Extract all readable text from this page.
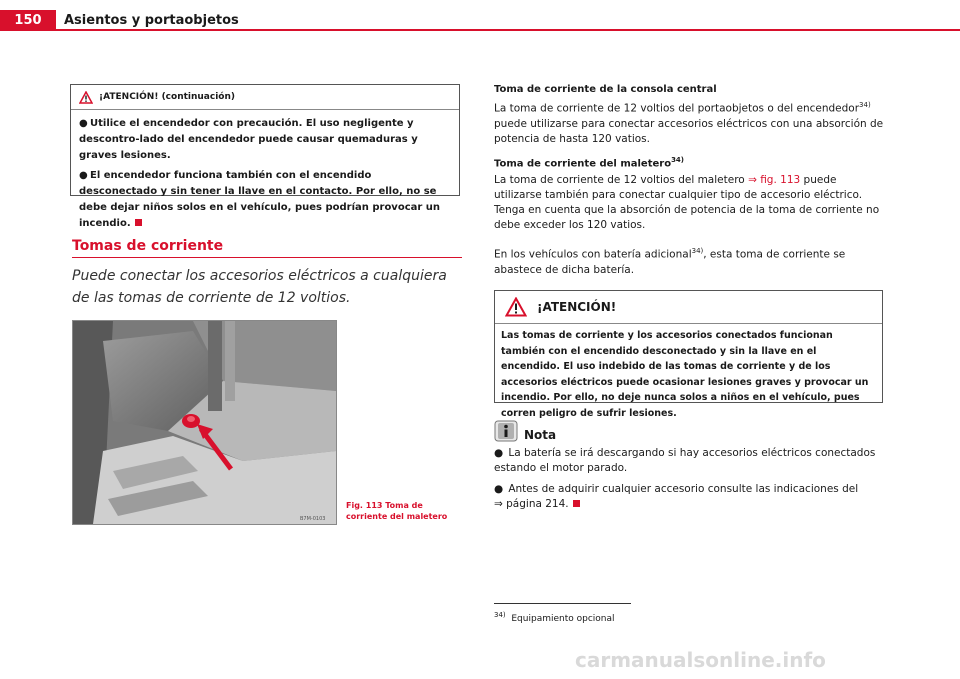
150	Asientos y portaobjetos
¡ATENCIÓN! (continuación)

● Utilice el encendedor con precaución. El uso negligente y descontro-lado del encendedor puede causar quemaduras y graves lesiones.

● El encendedor funciona también con el encendido desconectado y sin tener la llave en el contacto. Por ello, no se debe dejar niños solos en el vehículo, pues podrían provocar un incendio.

Tomas de corriente
Puede conectar los accesorios eléctricos a cualquiera de las tomas de corriente de 12 voltios.
B7M-0103
Fig. 113 Toma de corriente del maletero
Toma de corriente de la consola central
La toma de corriente de 12 voltios del portaobjetos o del encendedor$^{34)}$ puede utilizarse para conectar accesorios eléctricos con una absorción de potencia de hasta 120 vatios.
Toma de corriente del maletero$^{34)}$
La toma de corriente de 12 voltios del maletero ⇒ fig. 113 puede utilizarse también para conectar cualquier tipo de accesorio eléctrico. Tenga en cuenta que la absorción de potencia de la toma de corriente no debe exceder los 120 vatios.
En los vehículos con batería adicional$^{34)}$, esta toma de corriente se abastece de dicha batería.
¡ATENCIÓN!

Las tomas de corriente y los accesorios conectados funcionan también con el encendido desconectado y sin la llave en el encendido. El uso indebido de las tomas de corriente y de los accesorios eléctricos puede ocasionar lesiones graves y provocar un incendio. Por ello, no deje nunca solos a niños en el vehículo, pues corren peligro de sufrir lesiones.

Nota
● La batería se irá descargando si hay accesorios eléctricos conectados estando el motor parado.
● Antes de adquirir cualquier accesorio consulte las indicaciones del
⇒ página 214.
$^{34)}$ Equipamiento opcional
carmanualsonline.info
